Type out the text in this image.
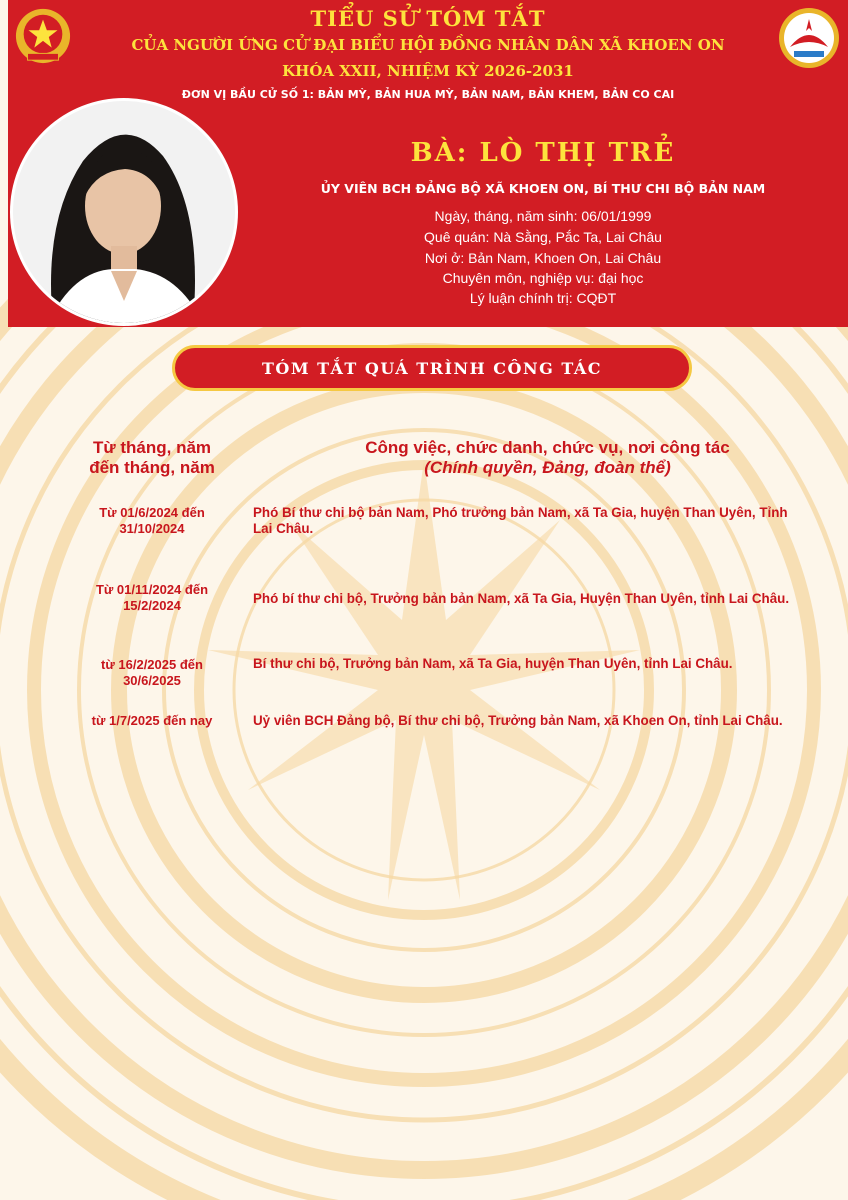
TIỂU SỬ TÓM TẮT
CỦA NGƯỜI ỨNG CỬ ĐẠI BIỂU HỘI ĐỒNG NHÂN DÂN XÃ KHOEN ON
KHÓA XXII, NHIỆM KỲ 2026-2031
ĐƠN VỊ BẦU CỬ SỐ 1: BẢN MỲ, BẢN HUA MỲ, BẢN NAM, BẢN KHEM, BẢN CO CAI
BÀ: LÒ THỊ TRẺ
ỦY VIÊN BCH ĐẢNG BỘ XÃ KHOEN ON, BÍ THƯ CHI BỘ BẢN NAM
Ngày, tháng, năm sinh: 06/01/1999
Quê quán: Nà Sằng, Pắc Ta, Lai Châu
Nơi ở: Bản Nam, Khoen On, Lai Châu
Chuyên môn, nghiệp vụ: đại học
Lý luận chính trị: CQĐT
TÓM TẮT QUÁ TRÌNH CÔNG TÁC
Từ tháng, năm
đến tháng, năm
Công việc, chức danh, chức vụ, nơi công tác
(Chính quyền, Đảng, đoàn thể)
Từ 01/6/2024 đến
31/10/2024
Phó Bí thư chi bộ bản Nam, Phó trưởng bản Nam, xã Ta Gia, huyện Than Uyên, Tỉnh
Lai Châu.
Từ 01/11/2024 đến
15/2/2024	Phó bí thư chi bộ, Trưởng bản bản Nam, xã Ta Gia, Huyện Than Uyên, tỉnh Lai Châu.
từ 16/2/2025 đến
30/6/2025
Bí thư chi bộ, Trưởng bản Nam, xã Ta Gia, huyện Than Uyên, tỉnh Lai Châu.
từ 1/7/2025 đến nay	Uỷ viên BCH Đảng bộ, Bí thư chi bộ, Trưởng bản Nam, xã Khoen On, tỉnh Lai Châu.
